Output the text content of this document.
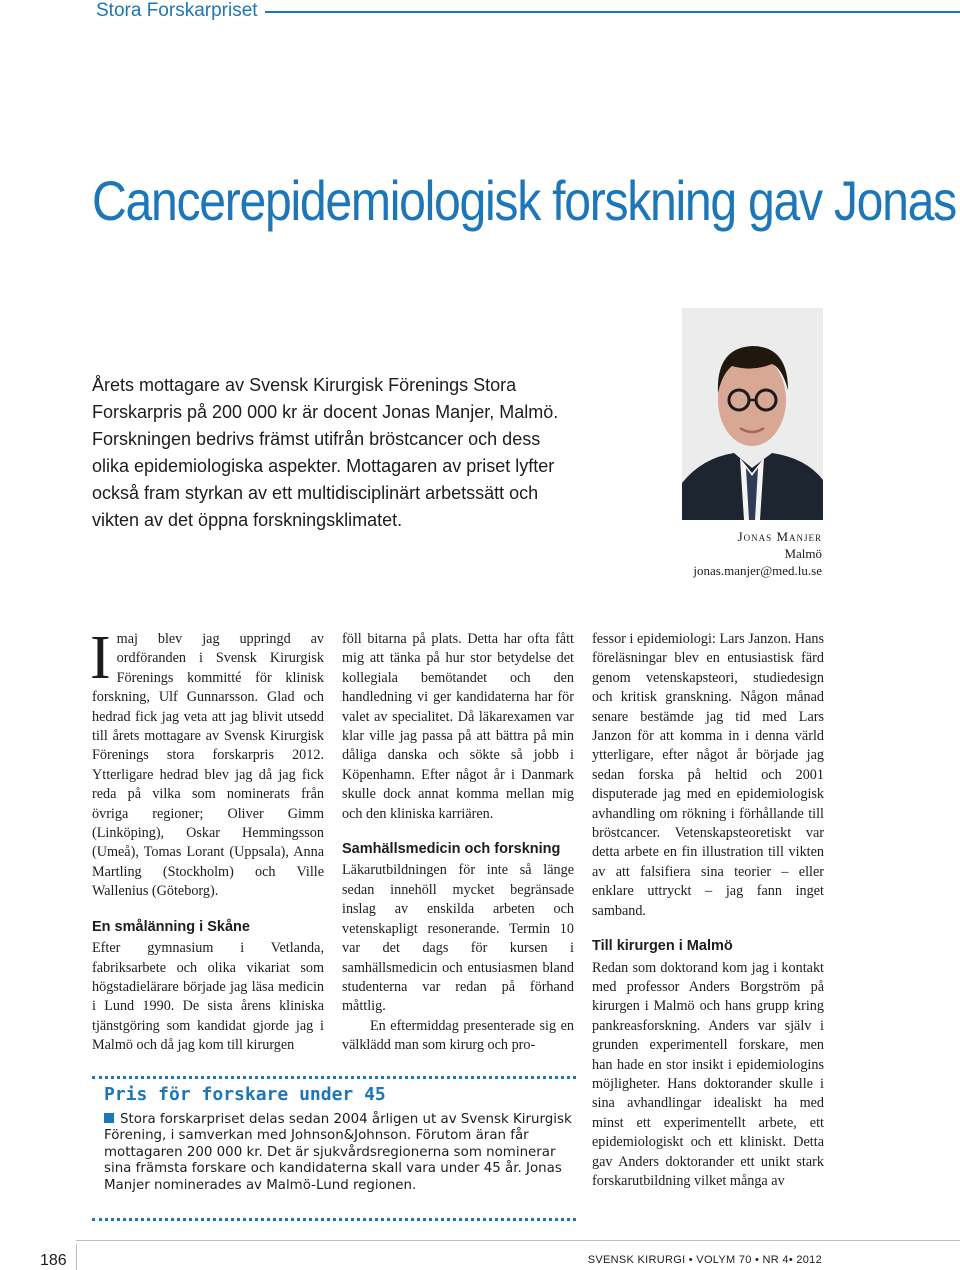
Stora Forskarpriset
Cancerepidemiologisk forskning gav Jonas

Årets mottagare av Svensk Kirurgisk Förenings Stora Forskarpris på 200 000 kr är docent Jonas Manjer, Malmö. Forskningen bedrivs främst utifrån bröstcancer och dess olika epidemiologiska aspekter. Mottagaren av priset lyfter också fram styrkan av ett multidisciplinärt arbetssätt och vikten av det öppna forskningsklimatet.

Jonas Manjer
Malmö
jonas.manjer@med.lu.se

Imaj blev jag uppringd av ordföranden i Svensk Kirurgisk Förenings kommitté för klinisk forskning, Ulf Gunnarsson. Glad och hedrad fick jag veta att jag blivit utsedd till årets mottagare av Svensk Kirurgisk Förenings stora forskarpris 2012. Ytterligare hedrad blev jag då jag fick reda på vilka som nominerats från övriga regioner; Oliver Gimm (Linköping), Oskar Hemmingsson (Umeå), Tomas Lorant (Uppsala), Anna Martling (Stockholm) och Ville Wallenius (Göteborg).

En smålänning i Skåne

Efter gymnasium i Vetlanda, fabriksarbete och olika vikariat som högstadielärare började jag läsa medicin i Lund 1990. De sista årens kliniska tjänstgöring som kandidat gjorde jag i Malmö och då jag kom till kirurgen

föll bitarna på plats. Detta har ofta fått mig att tänka på hur stor betydelse det kollegiala bemötandet och den handledning vi ger kandidaterna har för valet av specialitet. Då läkarexamen var klar ville jag passa på att bättra på min dåliga danska och sökte så jobb i Köpenhamn. Efter något år i Danmark skulle dock annat komma mellan mig och den kliniska karriären.

Samhällsmedicin och forskning

Läkarutbildningen för inte så länge sedan innehöll mycket begränsade inslag av enskilda arbeten och vetenskapligt resonerande. Termin 10 var det dags för kursen i samhällsmedicin och entusiasmen bland studenterna var redan på förhand måttlig.

En eftermiddag presenterade sig en välklädd man som kirurg och pro-

fessor i epidemiologi: Lars Janzon. Hans föreläsningar blev en entusiastisk färd genom vetenskapsteori, studiedesign och kritisk granskning. Någon månad senare bestämde jag tid med Lars Janzon för att komma in i denna värld ytterligare, efter något år började jag sedan forska på heltid och 2001 disputerade jag med en epidemiologisk avhandling om rökning i förhållande till bröstcancer. Vetenskapsteoretiskt var detta arbete en fin illustration till vikten av att falsifiera sina teorier – eller enklare uttryckt – jag fann inget samband.

Till kirurgen i Malmö

Redan som doktorand kom jag i kontakt med professor Anders Borgström på kirurgen i Malmö och hans grupp kring pankreasforskning. Anders var själv i grunden experimentell forskare, men han hade en stor insikt i epidemiologins möjligheter. Hans doktorander skulle i sina avhandlingar idealiskt ha med minst ett experimentellt arbete, ett epidemiologiskt och ett kliniskt. Detta gav Anders doktorander ett unikt stark forskarutbildning vilket många av

Pris för forskare under 45

Stora forskarpriset delas sedan 2004 årligen ut av Svensk Kirurgisk Förening, i samverkan med Johnson&Johnson. Förutom äran får mottagaren 200 000 kr. Det är sjukvårdsregionerna som nominerar sina främsta forskare och kandidaterna skall vara under 45 år. Jonas Manjer nominerades av Malmö-Lund regionen.

186	SVENSK KIRURGI • VOLYM 70 • NR 4• 2012
